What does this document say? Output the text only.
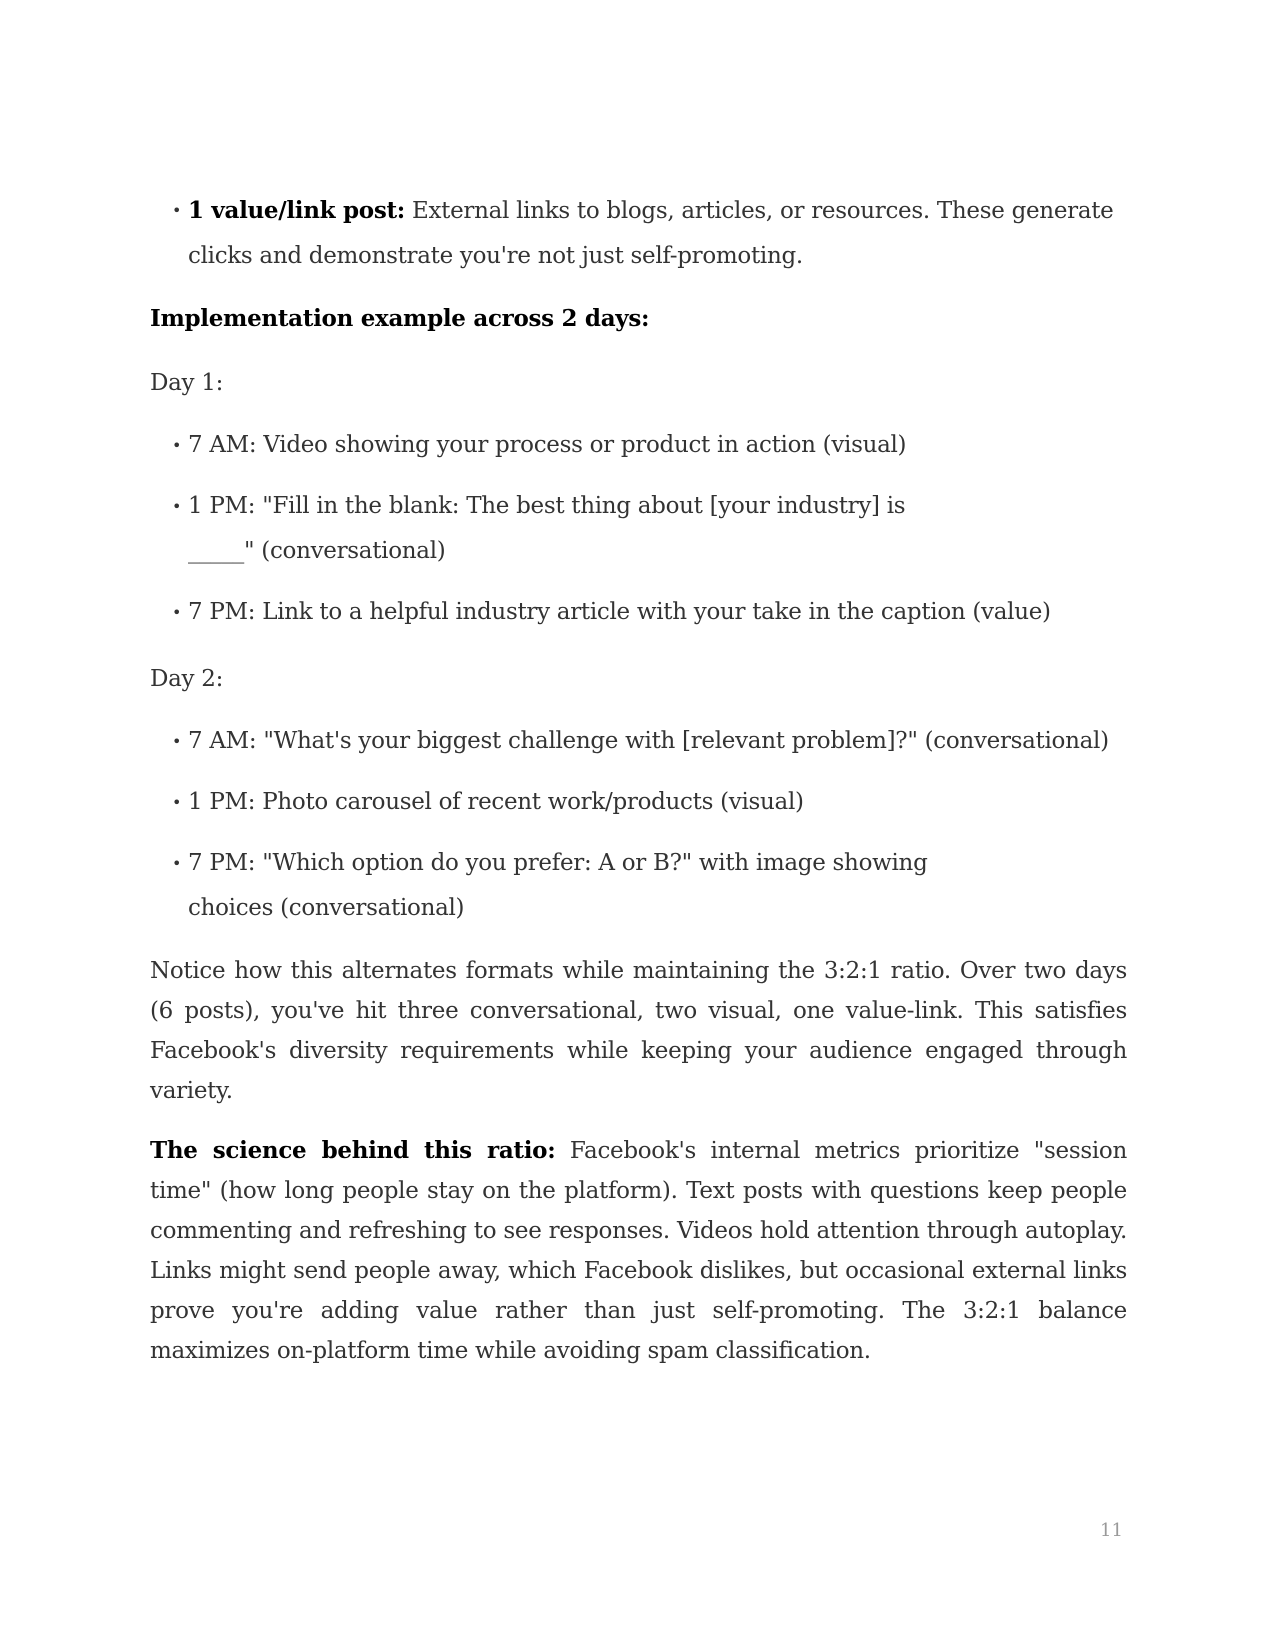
• 1 value/link post: External links to blogs, articles, or resources. These generate clicks and demonstrate you're not just self-promoting.

Implementation example across 2 days:

Day 1:

• 7 AM: Video showing your process or product in action (visual)
• 1 PM: "Fill in the blank: The best thing about [your industry] is _____" (conversational)
• 7 PM: Link to a helpful industry article with your take in the caption (value)

Day 2:

• 7 AM: "What's your biggest challenge with [relevant problem]?" (conversational)
• 1 PM: Photo carousel of recent work/products (visual)
• 7 PM: "Which option do you prefer: A or B?" with image showing choices (conversational)

Notice how this alternates formats while maintaining the 3:2:1 ratio. Over two days (6 posts), you've hit three conversational, two visual, one value-link. This satisfies Facebook's diversity requirements while keeping your audience engaged through variety.

The science behind this ratio: Facebook's internal metrics prioritize "session time" (how long people stay on the platform). Text posts with questions keep people commenting and refreshing to see responses. Videos hold attention through autoplay. Links might send people away, which Facebook dislikes, but occasional external links prove you're adding value rather than just self-promoting. The 3:2:1 balance maximizes on-platform time while avoiding spam classification.

11
